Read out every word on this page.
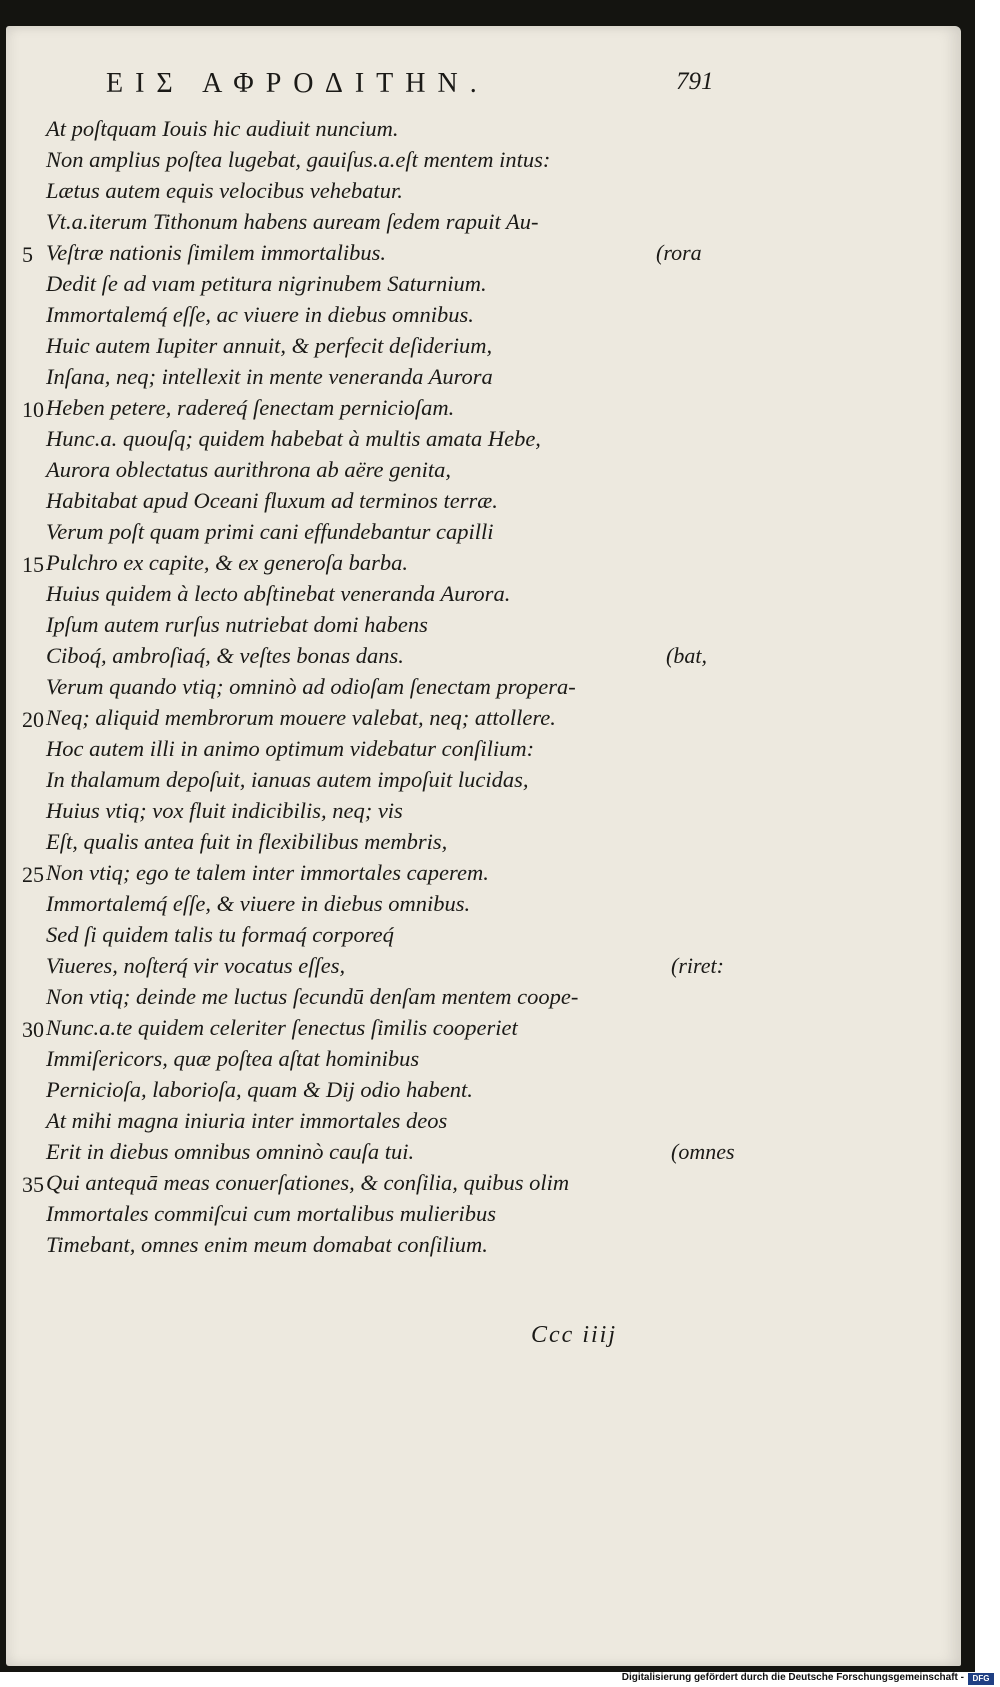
ΕΙΣ ΑΦΡΟΔΙΤΗΝ.	791
At poſtquam Iouis hic audiuit nuncium.
Non amplius poſtea lugebat, gauiſus.a.eſt mentem intus:
Lætus autem equis velocibus vehebatur.
Vt.a.iterum Tithonum habens auream ſedem rapuit Au-
5 Veſtræ nationis ſimilem immortalibus.	(rora
Dedit ſe ad vıam petitura nigrinubem Saturnium.
Immortalemq́ eſſe, ac viuere in diebus omnibus.
Huic autem Iupiter annuit, & perfecit deſiderium,
Inſana, neq; intellexit in mente veneranda Aurora
10 Heben petere, radereq́ ſenectam pernicioſam.
Hunc.a. quouſq; quidem habebat à multis amata Hebe,
Aurora oblectatus aurithrona ab aëre genita,
Habitabat apud Oceani fluxum ad terminos terræ.
Verum poſt quam primi cani effundebantur capilli
15 Pulchro ex capite, & ex generoſa barba.
Huius quidem à lecto abſtinebat veneranda Aurora.
Ipſum autem rurſus nutriebat domi habens
Ciboq́, ambroſiaq́, & veſtes bonas dans.	(bat,
Verum quando vtiq; omninò ad odioſam ſenectam propera-
20 Neq; aliquid membrorum mouere valebat, neq; attollere.
Hoc autem illi in animo optimum videbatur conſilium:
In thalamum depoſuit, ianuas autem impoſuit lucidas,
Huius vtiq; vox fluit indicibilis, neq; vis
Eſt, qualis antea fuit in flexibilibus membris,
25 Non vtiq; ego te talem inter immortales caperem.
Immortalemq́ eſſe, & viuere in diebus omnibus.
Sed ſi quidem talis tu formaq́ corporeq́
Viueres, noſterq́ vir vocatus eſſes,	(riret:
Non vtiq; deinde me luctus ſecundū denſam mentem coope-
30 Nunc.a.te quidem celeriter ſenectus ſimilis cooperiet
Immiſericors, quæ poſtea aſtat hominibus
Pernicioſa, laborioſa, quam & Dij odio habent.
At mihi magna iniuria inter immortales deos
Erit in diebus omnibus omninò cauſa tui.	(omnes
35 Qui antequā meas conuerſationes, & conſilia, quibus olim
Immortales commiſcui cum mortalibus mulieribus
Timebant, omnes enim meum domabat conſilium.
Ccc iiij
Digitalisierung gefördert durch die Deutsche Forschungsgemeinschaft -	DFG
